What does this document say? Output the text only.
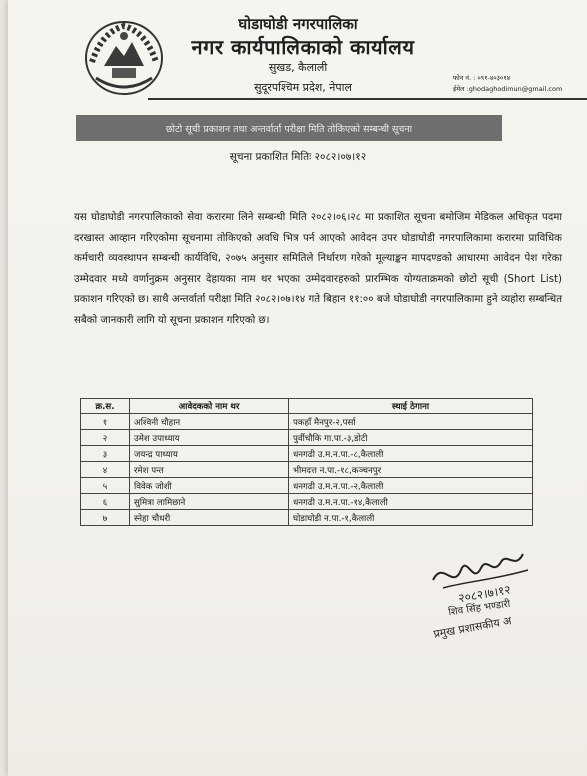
घोडाघोडी नगरपालिका
नगर कार्यपालिकाको कार्यालय
सुखड, कैलाली
सुदूरपश्चिम प्रदेश, नेपाल
फोन नं. : ०९१-४०३०१४
ईमेल :ghodaghodimun@gmail.com
छोटो सूची प्रकाशन तथा अन्तर्वार्ता परीक्षा मिति तोकिएको सम्बन्धी सूचना
सूचना प्रकाशित मितिः २०८२।०७।१२

यस घोडाघोडी नगरपालिकाको सेवा करारमा लिने सम्बन्धी मिति २०८२।०६।२८ मा प्रकाशित सूचना बमोजिम मेडिकल अधिकृत पदमा दरखास्त आव्हान गरिएकोमा सूचनामा तोकिएको अवधि भित्र पर्न आएको आवेदन उपर घोडाघोडी नगरपालिकामा करारमा प्राविधिक कर्मचारी व्यवस्थापन सम्बन्धी कार्यविधि, २०७५ अनुसार समितिले निर्धारण गरेको मूल्याङ्कन मापदण्डको आधारमा आवेदन पेश गरेका उम्मेदवार मध्ये वर्णानुक्रम अनुसार देहायका नाम थर भएका उम्मेदवारहरुको प्रारम्भिक योग्यताक्रमको छोटो सूची (Short List) प्रकाशन गरिएको छ। साथै अन्तर्वार्ता परीक्षा मिति २०८२।०७।१४ गते बिहान ११:०० बजे घोडाघोडी नगरपालिकामा हुने व्यहोरा सम्बन्धित सबैको जानकारी लागि यो सूचना प्रकाशन गरिएको छ।

क्र.स.	आवेदकको नाम थर	स्थाई ठेगाना
१	अश्विनी चौहान	पकहाँ मैनपुर-२,पर्सा
२	उमेश उपाध्याय	पुर्वीचौकि गा.पा.-३,डोटी
३	जयन्द्र पाध्याय	धनगढी उ.म.न.पा.-८,कैलाली
४	रमेश पन्त	भीमदत्त न.पा.-१८,कञ्चनपुर
५	विवेक जोशी	धनगढी उ.म.न.पा.-२,कैलाली
६	सुमित्रा लामिछाने	धनगढी उ.म.न.पा.-१४,कैलाली
७	स्नेहा चौधरी	घोडाघोडी न.पा.-१,कैलाली
२०८२।७।१२
शिव सिंह भण्डारी
प्रमुख प्रशासकीय अ
